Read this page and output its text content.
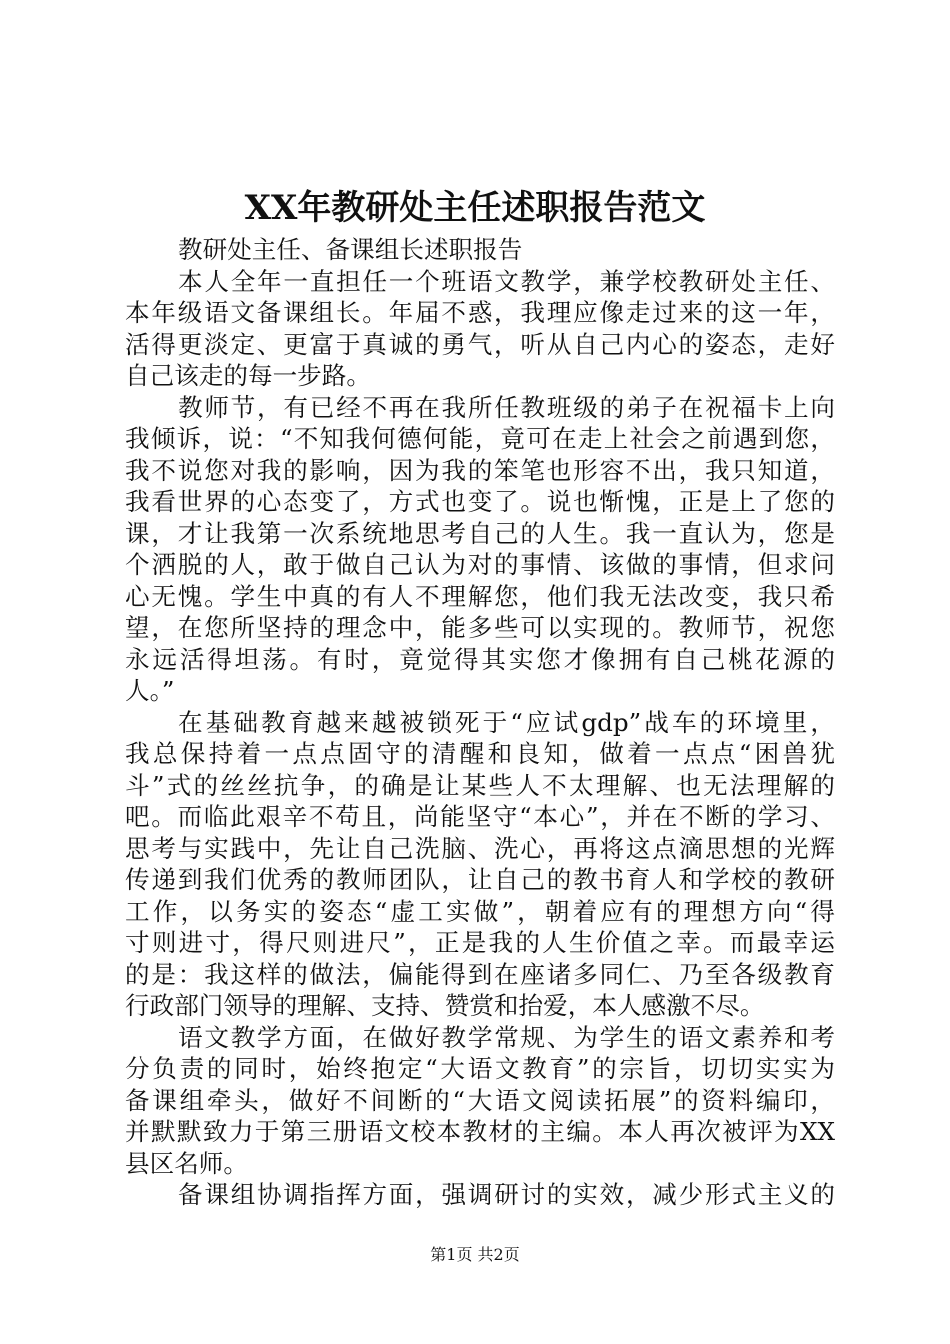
XX年教研处主任述职报告范文
教研处主任、备课组长述职报告
本人全年一直担任一个班语文教学，兼学校教研处主任、
本年级语文备课组长。年届不惑，我理应像走过来的这一年，
活得更淡定、更富于真诚的勇气，听从自己内心的姿态，走好
自己该走的每一步路。
教师节，有已经不再在我所任教班级的弟子在祝福卡上向
我倾诉，说：“不知我何德何能，竟可在走上社会之前遇到您，
我不说您对我的影响，因为我的笨笔也形容不出，我只知道，
我看世界的心态变了，方式也变了。说也惭愧，正是上了您的
课，才让我第一次系统地思考自己的人生。我一直认为，您是
个洒脱的人，敢于做自己认为对的事情、该做的事情，但求问
心无愧。学生中真的有人不理解您，他们我无法改变，我只希
望，在您所坚持的理念中，能多些可以实现的。教师节，祝您
永远活得坦荡。有时，竟觉得其实您才像拥有自己桃花源的
人。”
在基础教育越来越被锁死于“应试gdp”战车的环境里，
我总保持着一点点固守的清醒和良知，做着一点点“困兽犹
斗”式的丝丝抗争，的确是让某些人不太理解、也无法理解的
吧。而临此艰辛不苟且，尚能坚守“本心”，并在不断的学习、
思考与实践中，先让自己洗脑、洗心，再将这点滴思想的光辉
传递到我们优秀的教师团队，让自己的教书育人和学校的教研
工作，以务实的姿态“虚工实做”，朝着应有的理想方向“得
寸则进寸，得尺则进尺”，正是我的人生价值之幸。而最幸运
的是：我这样的做法，偏能得到在座诸多同仁、乃至各级教育
行政部门领导的理解、支持、赞赏和抬爱，本人感激不尽。
语文教学方面，在做好教学常规、为学生的语文素养和考
分负责的同时，始终抱定“大语文教育”的宗旨，切切实实为
备课组牵头，做好不间断的“大语文阅读拓展”的资料编印，
并默默致力于第三册语文校本教材的主编。本人再次被评为XX
县区名师。
备课组协调指挥方面，强调研讨的实效，减少形式主义的
第1页 共2页
